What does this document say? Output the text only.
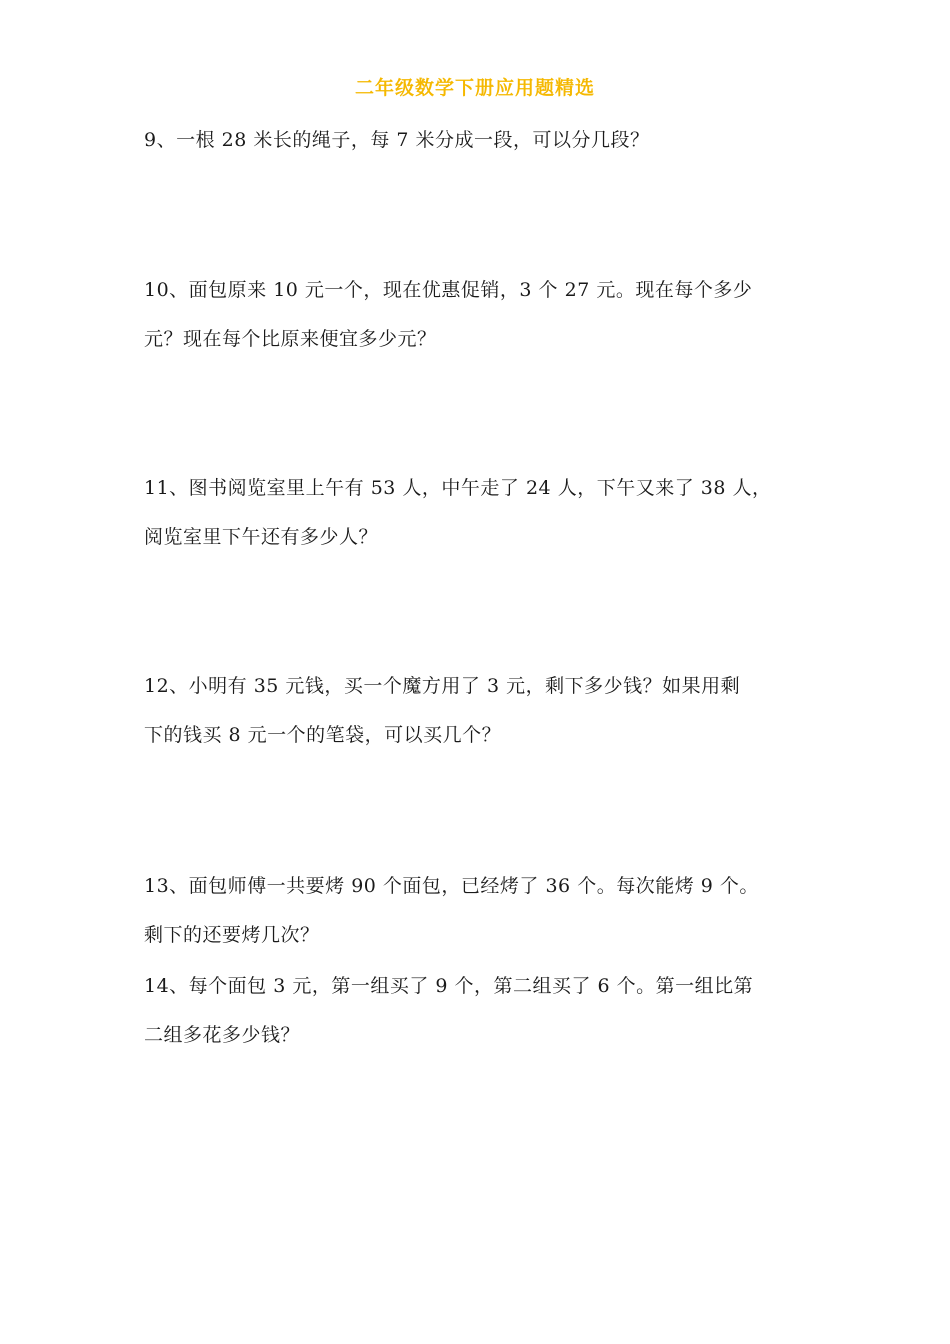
二年级数学下册应用题精选

9、一根 28 米长的绳子，每 7 米分成一段，可以分几段？

10、面包原来 10 元一个，现在优惠促销，3 个 27 元。现在每个多少

元？现在每个比原来便宜多少元？

11、图书阅览室里上午有 53 人，中午走了 24 人，下午又来了 38 人，

阅览室里下午还有多少人？

12、小明有 35 元钱，买一个魔方用了 3 元，剩下多少钱？如果用剩

下的钱买 8 元一个的笔袋，可以买几个？

13、面包师傅一共要烤 90 个面包，已经烤了 36 个。每次能烤 9 个。

剩下的还要烤几次？

14、每个面包 3 元，第一组买了 9 个，第二组买了 6 个。第一组比第

二组多花多少钱？
